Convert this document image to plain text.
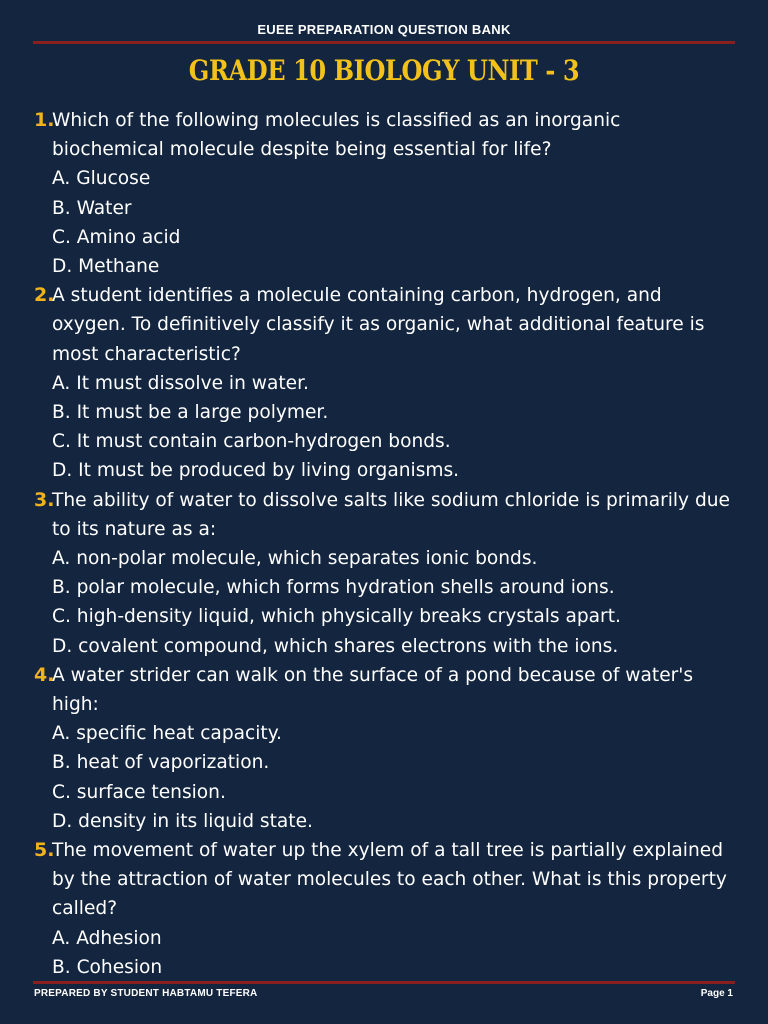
EUEE PREPARATION QUESTION BANK
GRADE 10 BIOLOGY UNIT - 3
1.
Which of the following molecules is classified as an inorganic biochemical molecule despite being essential for life?
A. Glucose
B. Water
C. Amino acid
D. Methane
2.
A student identifies a molecule containing carbon, hydrogen, and oxygen. To definitively classify it as organic, what additional feature is most characteristic?
A. It must dissolve in water.
B. It must be a large polymer.
C. It must contain carbon-hydrogen bonds.
D. It must be produced by living organisms.
3.
The ability of water to dissolve salts like sodium chloride is primarily due to its nature as a:
A. non-polar molecule, which separates ionic bonds.
B. polar molecule, which forms hydration shells around ions.
C. high-density liquid, which physically breaks crystals apart.
D. covalent compound, which shares electrons with the ions.
4.
A water strider can walk on the surface of a pond because of water's high:
A. specific heat capacity.
B. heat of vaporization.
C. surface tension.
D. density in its liquid state.
5.
The movement of water up the xylem of a tall tree is partially explained by the attraction of water molecules to each other. What is this property called?
A. Adhesion
B. Cohesion
PREPARED BY STUDENT HABTAMU TEFERA	Page 1
